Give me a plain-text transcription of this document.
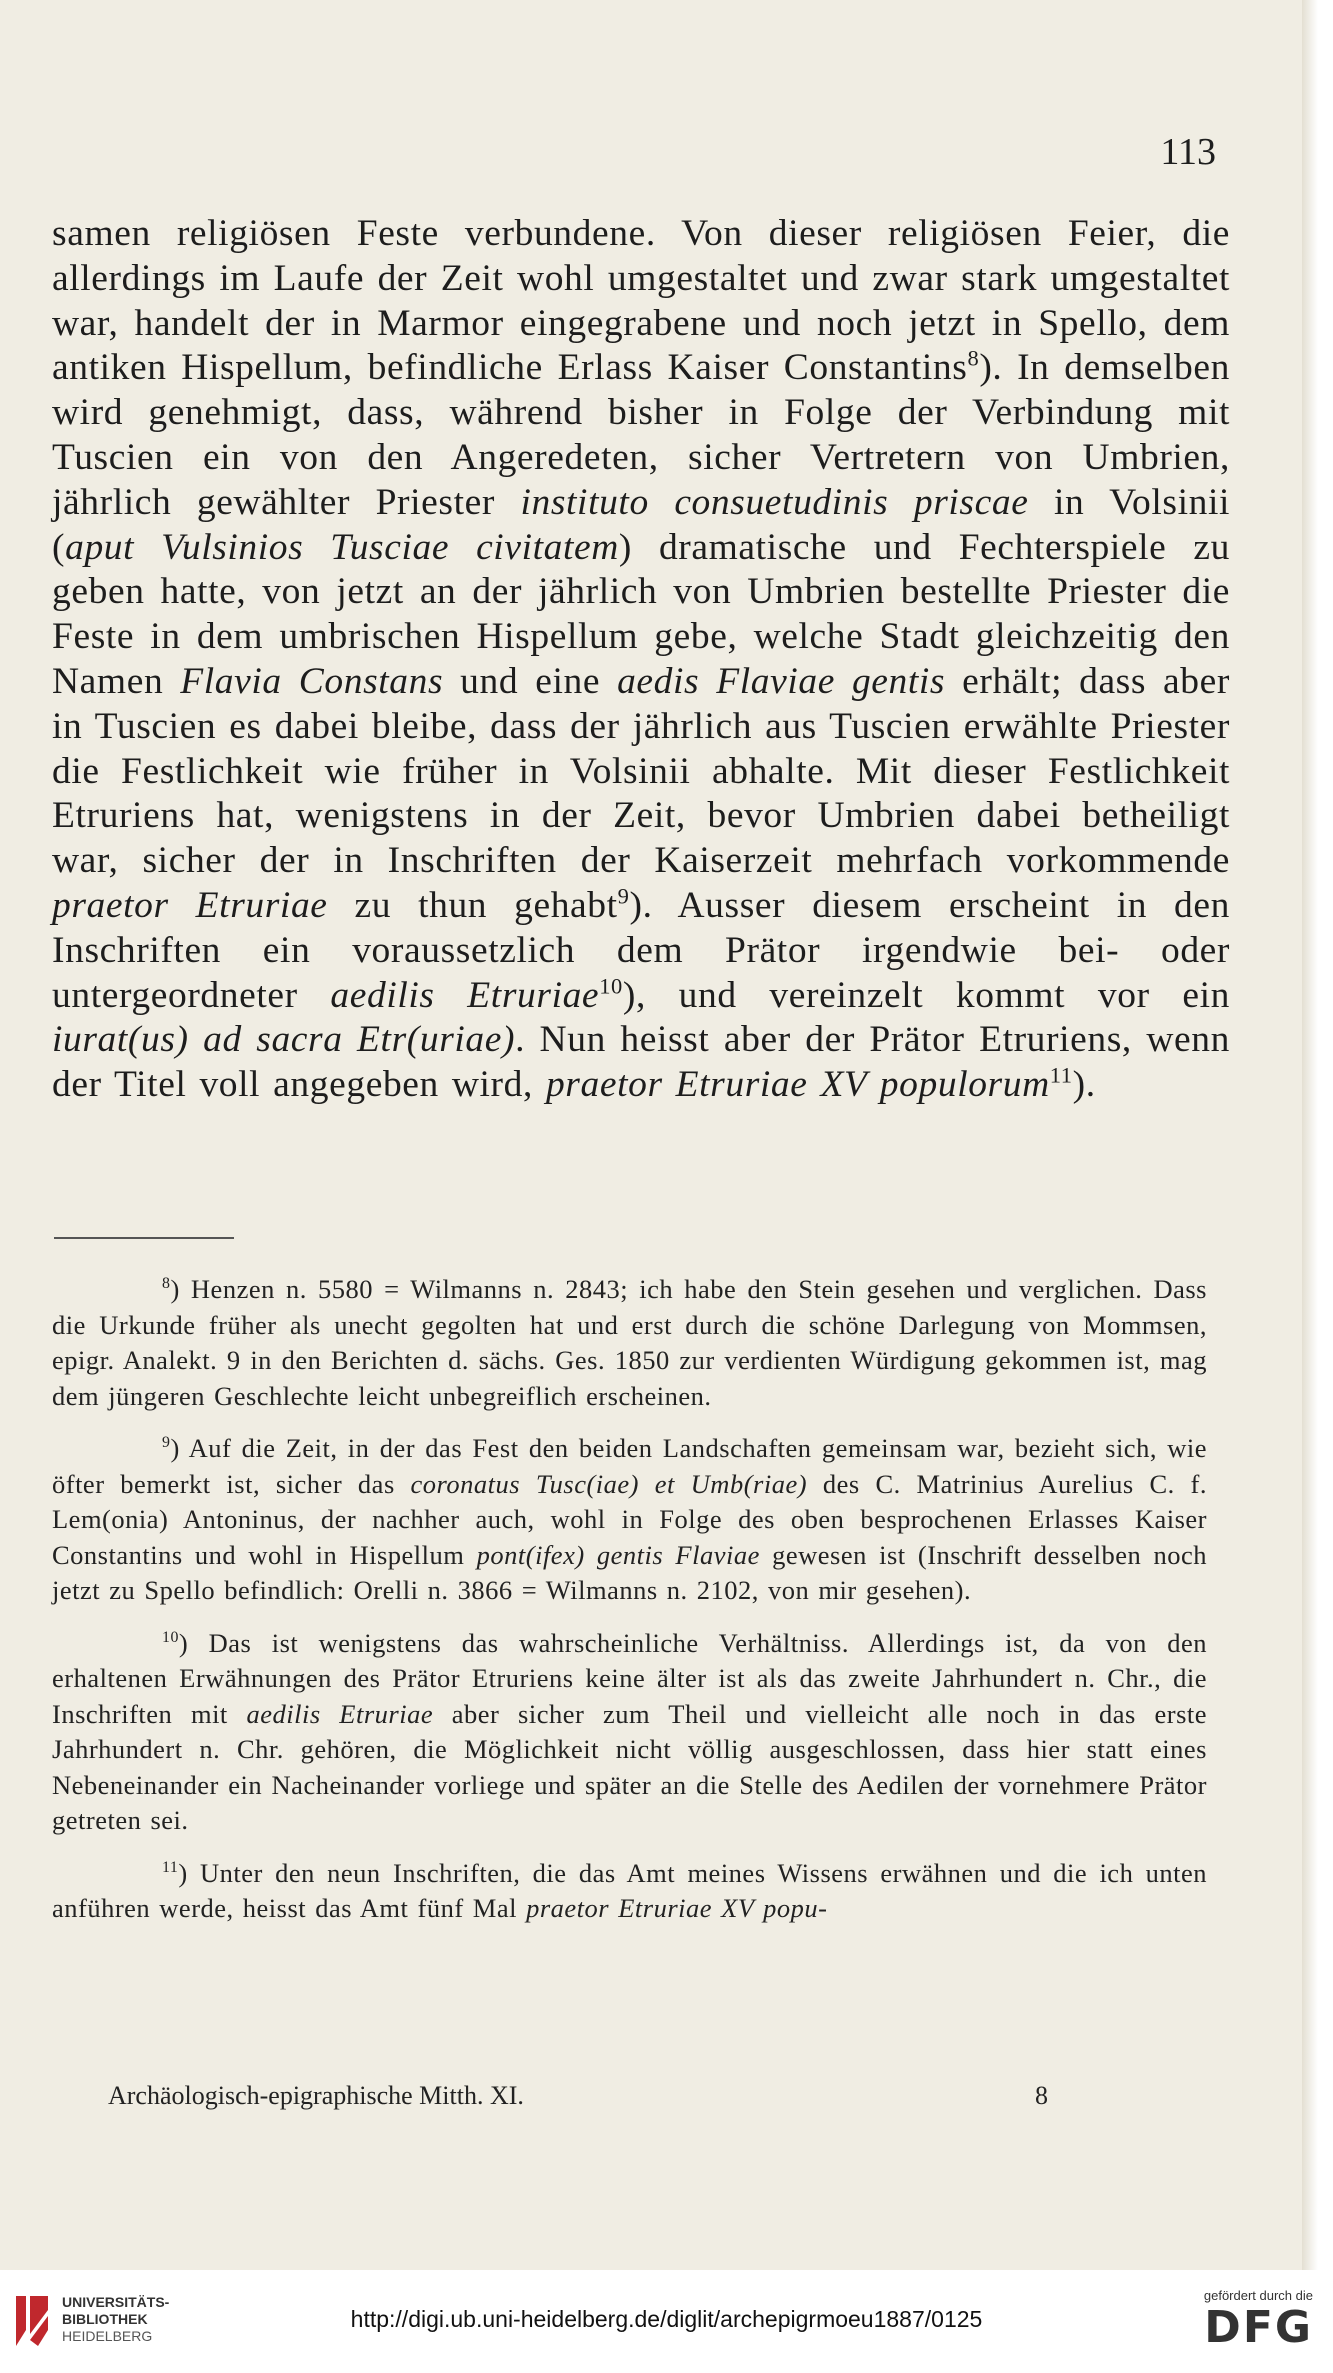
113

samen religiösen Feste verbundene. Von dieser religiösen Feier, die allerdings im Laufe der Zeit wohl umgestaltet und zwar stark umgestaltet war, handelt der in Marmor eingegrabene und noch jetzt in Spello, dem antiken Hispellum, befindliche Erlass Kaiser Constantins$^8$). In demselben wird genehmigt, dass, während bisher in Folge der Verbindung mit Tuscien ein von den Angeredeten, sicher Vertretern von Umbrien, jährlich gewählter Priester instituto consuetudinis priscae in Volsinii (aput Vulsinios Tusciae civitatem) dramatische und Fechterspiele zu geben hatte, von jetzt an der jährlich von Umbrien bestellte Priester die Feste in dem umbrischen Hispellum gebe, welche Stadt gleichzeitig den Namen Flavia Constans und eine aedis Flaviae gentis erhält; dass aber in Tuscien es dabei bleibe, dass der jährlich aus Tuscien erwählte Priester die Festlichkeit wie früher in Volsinii abhalte. Mit dieser Festlichkeit Etruriens hat, wenigstens in der Zeit, bevor Umbrien dabei betheiligt war, sicher der in Inschriften der Kaiserzeit mehrfach vorkommende praetor Etruriae zu thun gehabt$^9$). Ausser diesem erscheint in den Inschriften ein voraussetzlich dem Prätor irgendwie bei- oder untergeordneter aedilis Etruriae$^{10}$), und vereinzelt kommt vor ein iurat(us) ad sacra Etr(uriae). Nun heisst aber der Prätor Etruriens, wenn der Titel voll angegeben wird, praetor Etruriae XV populorum$^{11}$).

$^8$) Henzen n. 5580 = Wilmanns n. 2843; ich habe den Stein gesehen und verglichen. Dass die Urkunde früher als unecht gegolten hat und erst durch die schöne Darlegung von Mommsen, epigr. Analekt. 9 in den Berichten d. sächs. Ges. 1850 zur verdienten Würdigung gekommen ist, mag dem jüngeren Geschlechte leicht unbegreiflich erscheinen.

$^9$) Auf die Zeit, in der das Fest den beiden Landschaften gemeinsam war, bezieht sich, wie öfter bemerkt ist, sicher das coronatus Tusc(iae) et Umb(riae) des C. Matrinius Aurelius C. f. Lem(onia) Antoninus, der nachher auch, wohl in Folge des oben besprochenen Erlasses Kaiser Constantins und wohl in Hispellum pont(ifex) gentis Flaviae gewesen ist (Inschrift desselben noch jetzt zu Spello befindlich: Orelli n. 3866 = Wilmanns n. 2102, von mir gesehen).

$^{10}$) Das ist wenigstens das wahrscheinliche Verhältniss. Allerdings ist, da von den erhaltenen Erwähnungen des Prätor Etruriens keine älter ist als das zweite Jahrhundert n. Chr., die Inschriften mit aedilis Etruriae aber sicher zum Theil und vielleicht alle noch in das erste Jahrhundert n. Chr. gehören, die Möglichkeit nicht völlig ausgeschlossen, dass hier statt eines Nebeneinander ein Nacheinander vorliege und später an die Stelle des Aedilen der vornehmere Prätor getreten sei.

$^{11}$) Unter den neun Inschriften, die das Amt meines Wissens erwähnen und die ich unten anführen werde, heisst das Amt fünf Mal praetor Etruriae XV popu-

Archäologisch-epigraphische Mitth. XI.	8
UNIVERSITÄTS-
BIBLIOTHEK
HEIDELBERG
http://digi.ub.uni-heidelberg.de/diglit/archepigrmoeu1887/0125
gefördert durch die
DFG
